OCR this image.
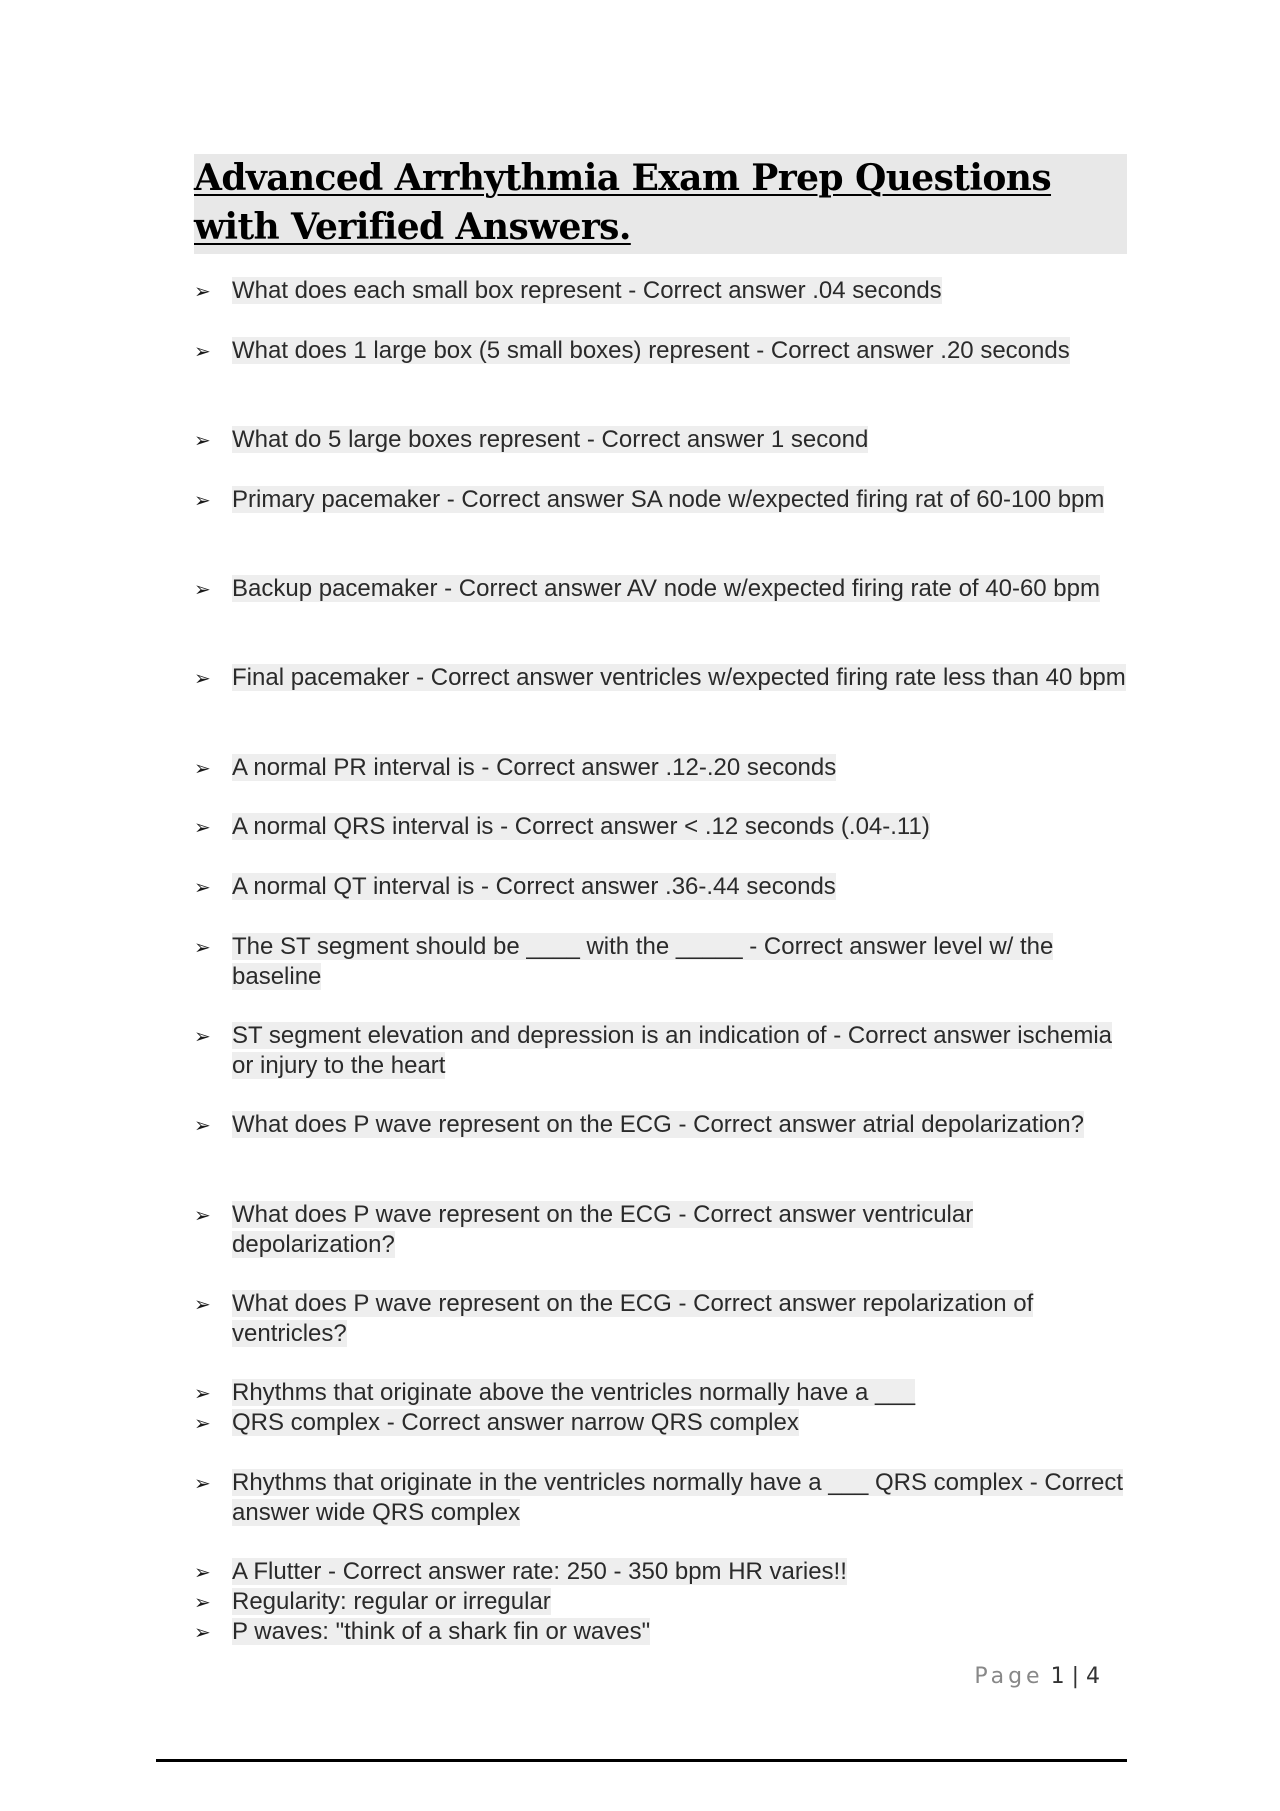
Advanced Arrhythmia Exam Prep Questions with Verified Answers.
➢ What does each small box represent - Correct answer .04 seconds
➢ What does 1 large box (5 small boxes) represent - Correct answer .20 seconds
➢ What do 5 large boxes represent - Correct answer 1 second
➢ Primary pacemaker - Correct answer SA node w/expected firing rat of 60-100 bpm
➢ Backup pacemaker - Correct answer AV node w/expected firing rate of 40-60 bpm
➢ Final pacemaker - Correct answer ventricles w/expected firing rate less than 40 bpm
➢ A normal PR interval is - Correct answer .12-.20 seconds
➢ A normal QRS interval is - Correct answer < .12 seconds (.04-.11)
➢ A normal QT interval is - Correct answer .36-.44 seconds
➢ The ST segment should be ____ with the _____ - Correct answer level w/ the baseline
➢ ST segment elevation and depression is an indication of - Correct answer ischemia or injury to the heart
➢ What does P wave represent on the ECG - Correct answer atrial depolarization?
➢ What does P wave represent on the ECG - Correct answer ventricular depolarization?
➢ What does P wave represent on the ECG - Correct answer repolarization of ventricles?
➢ Rhythms that originate above the ventricles normally have a ___
➢ QRS complex - Correct answer narrow QRS complex
➢ Rhythms that originate in the ventricles normally have a ___ QRS complex - Correct answer wide QRS complex
➢ A Flutter - Correct answer rate: 250 - 350 bpm HR varies!!
➢ Regularity: regular or irregular
➢ P waves: "think of a shark fin or waves"
Page 1 | 4
